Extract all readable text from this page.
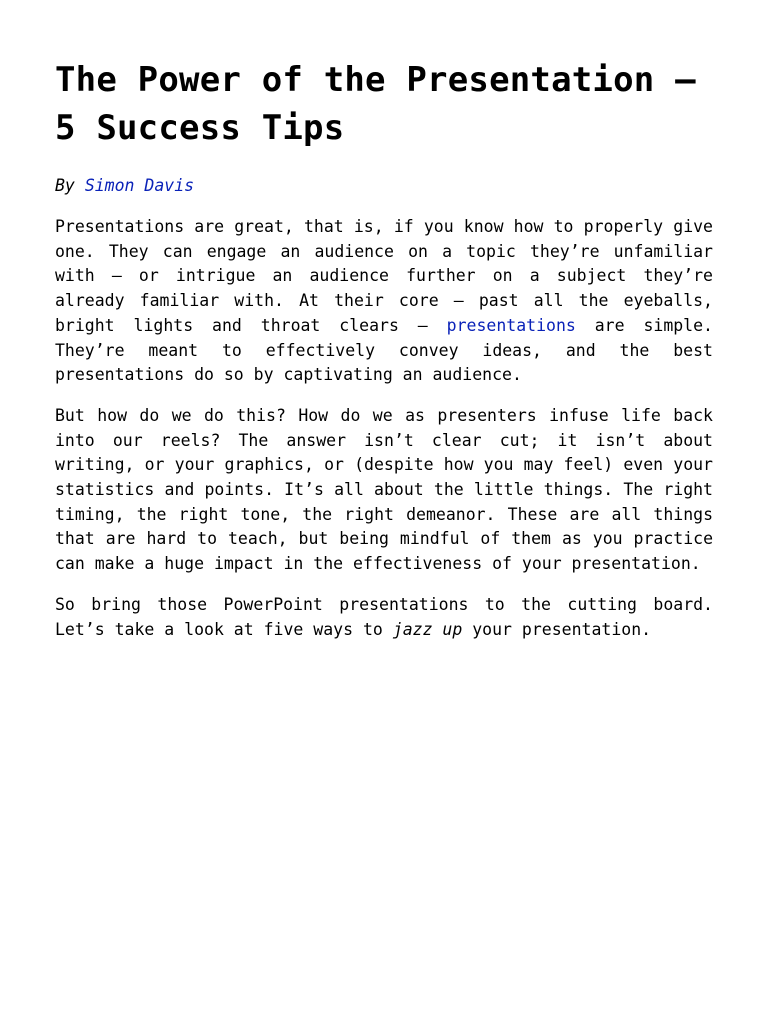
The Power of the Presentation – 5 Success Tips
By Simon Davis

Presentations are great, that is, if you know how to properly give one. They can engage an audience on a topic they’re unfamiliar with – or intrigue an audience further on a subject they’re already familiar with. At their core – past all the eyeballs, bright lights and throat clears – presentations are simple. They’re meant to effectively convey ideas, and the best presentations do so by captivating an audience.

But how do we do this? How do we as presenters infuse life back into our reels? The answer isn’t clear cut; it isn’t about writing, or your graphics, or (despite how you may feel) even your statistics and points. It’s all about the little things. The right timing, the right tone, the right demeanor. These are all things that are hard to teach, but being mindful of them as you practice can make a huge impact in the effectiveness of your presentation.

So bring those PowerPoint presentations to the cutting board. Let’s take a look at five ways to jazz up your presentation.
